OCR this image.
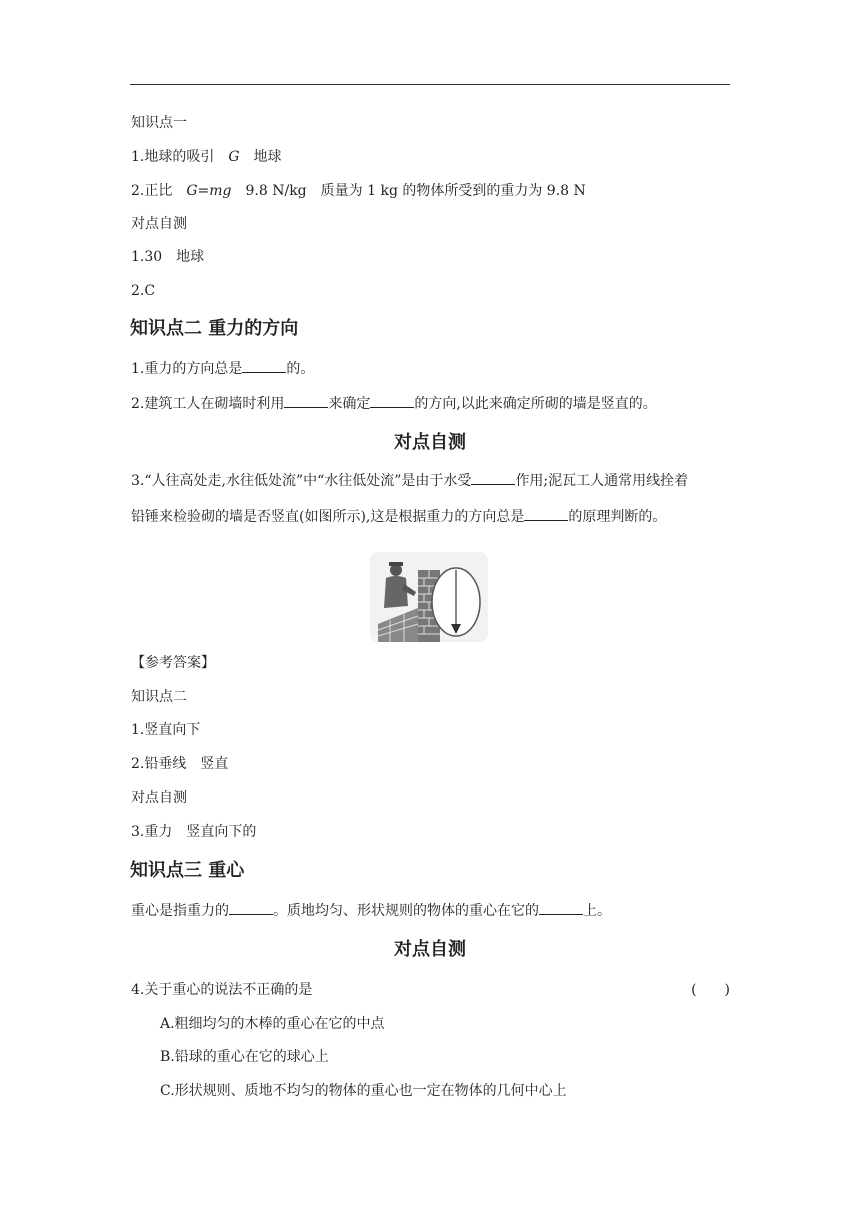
知识点一
1.地球的吸引 G 地球
2.正比 G=mg 9.8 N/kg 质量为 1 kg 的物体所受到的重力为 9.8 N
对点自测
1.30　地球
2.C
知识点二 重力的方向
1.重力的方向总是	的。
2.建筑工人在砌墙时利用	来确定	的方向,以此来确定所砌的墙是竖直的。
对点自测
3.“人往高处走,水往低处流”中“水往低处流”是由于水受	作用;泥瓦工人通常用线拴着
铅锤来检验砌的墙是否竖直(如图所示),这是根据重力的方向总是	的原理判断的。
【参考答案】
知识点二
1.竖直向下
2.铅垂线　竖直
对点自测
3.重力　竖直向下的
知识点三 重心
重心是指重力的	。质地均匀、形状规则的物体的重心在它的	上。
对点自测
4.关于重心的说法不正确的是	(　　)
A.粗细均匀的木棒的重心在它的中点
B.铅球的重心在它的球心上
C.形状规则、质地不均匀的物体的重心也一定在物体的几何中心上
